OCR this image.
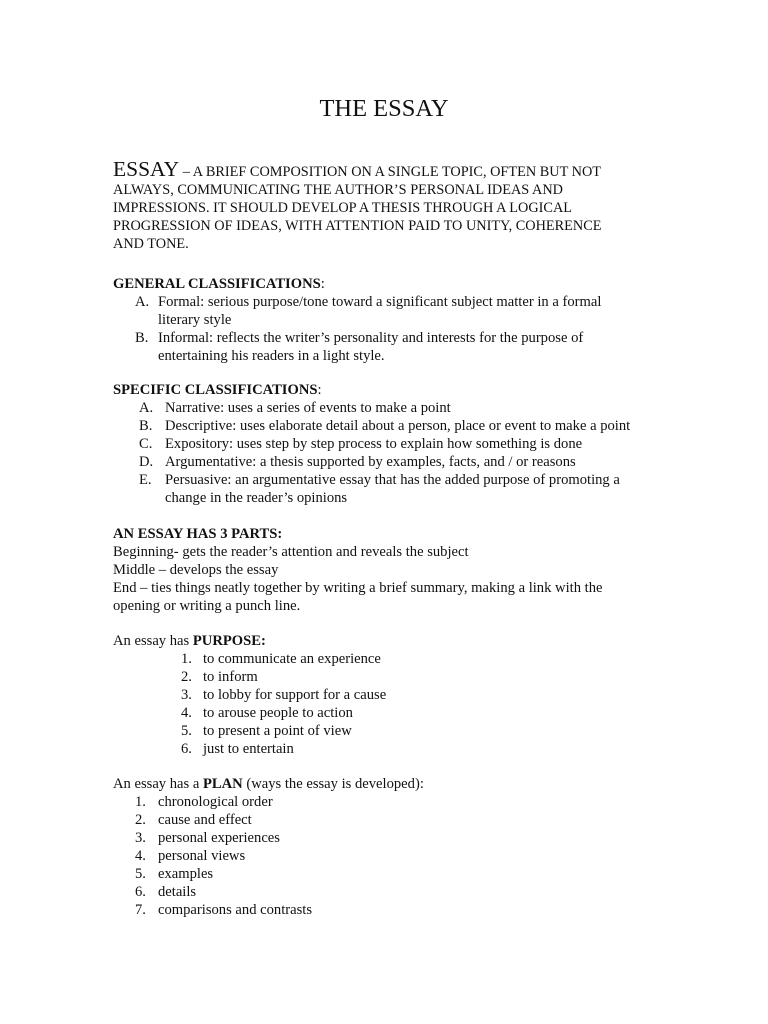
THE ESSAY
ESSAY – A BRIEF COMPOSITION ON A SINGLE TOPIC, OFTEN BUT NOT
ALWAYS, COMMUNICATING THE AUTHOR’S PERSONAL IDEAS AND
IMPRESSIONS. IT SHOULD DEVELOP A THESIS THROUGH A LOGICAL
PROGRESSION OF IDEAS, WITH ATTENTION PAID TO UNITY, COHERENCE
AND TONE.
GENERAL CLASSIFICATIONS:
A. Formal: serious purpose/tone toward a significant subject matter in a formal literary style
B. Informal: reflects the writer’s personality and interests for the purpose of entertaining his readers in a light style.
SPECIFIC CLASSIFICATIONS:
A. Narrative: uses a series of events to make a point
B. Descriptive: uses elaborate detail about a person, place or event to make a point
C. Expository: uses step by step process to explain how something is done
D. Argumentative: a thesis supported by examples, facts, and / or reasons
E. Persuasive: an argumentative essay that has the added purpose of promoting a change in the reader’s opinions
AN ESSAY HAS 3 PARTS:
Beginning- gets the reader’s attention and reveals the subject
Middle – develops the essay
End – ties things neatly together by writing a brief summary, making a link with the opening or writing a punch line.
An essay has PURPOSE:
1. to communicate an experience
2. to inform
3. to lobby for support for a cause
4. to arouse people to action
5. to present a point of view
6. just to entertain
An essay has a PLAN (ways the essay is developed):
1. chronological order
2. cause and effect
3. personal experiences
4. personal views
5. examples
6. details
7. comparisons and contrasts
